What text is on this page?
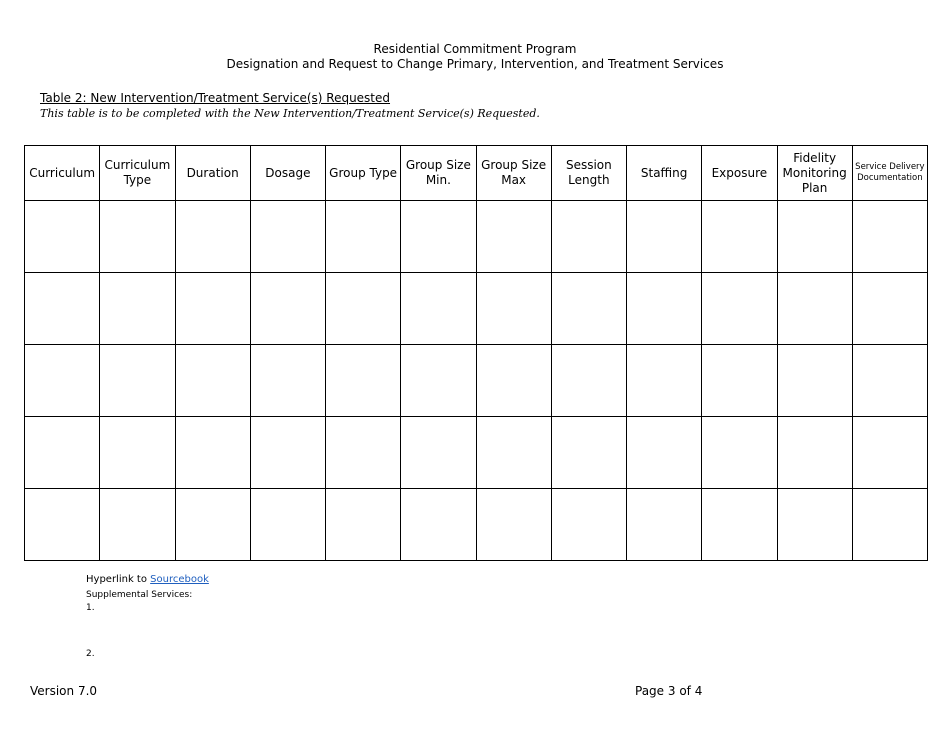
Residential Commitment Program
Designation and Request to Change Primary, Intervention, and Treatment Services
Table 2: New Intervention/Treatment Service(s) Requested
This table is to be completed with the New Intervention/Treatment Service(s) Requested.
Curriculum	Curriculum Type	Duration	Dosage	Group Type	Group Size Min.	Group Size Max	Session Length	Staffing	Exposure	Fidelity Monitoring Plan	Service Delivery Documentation

Hyperlink to Sourcebook
Supplemental Services:
1.
2.
Version 7.0	Page 3 of 4
